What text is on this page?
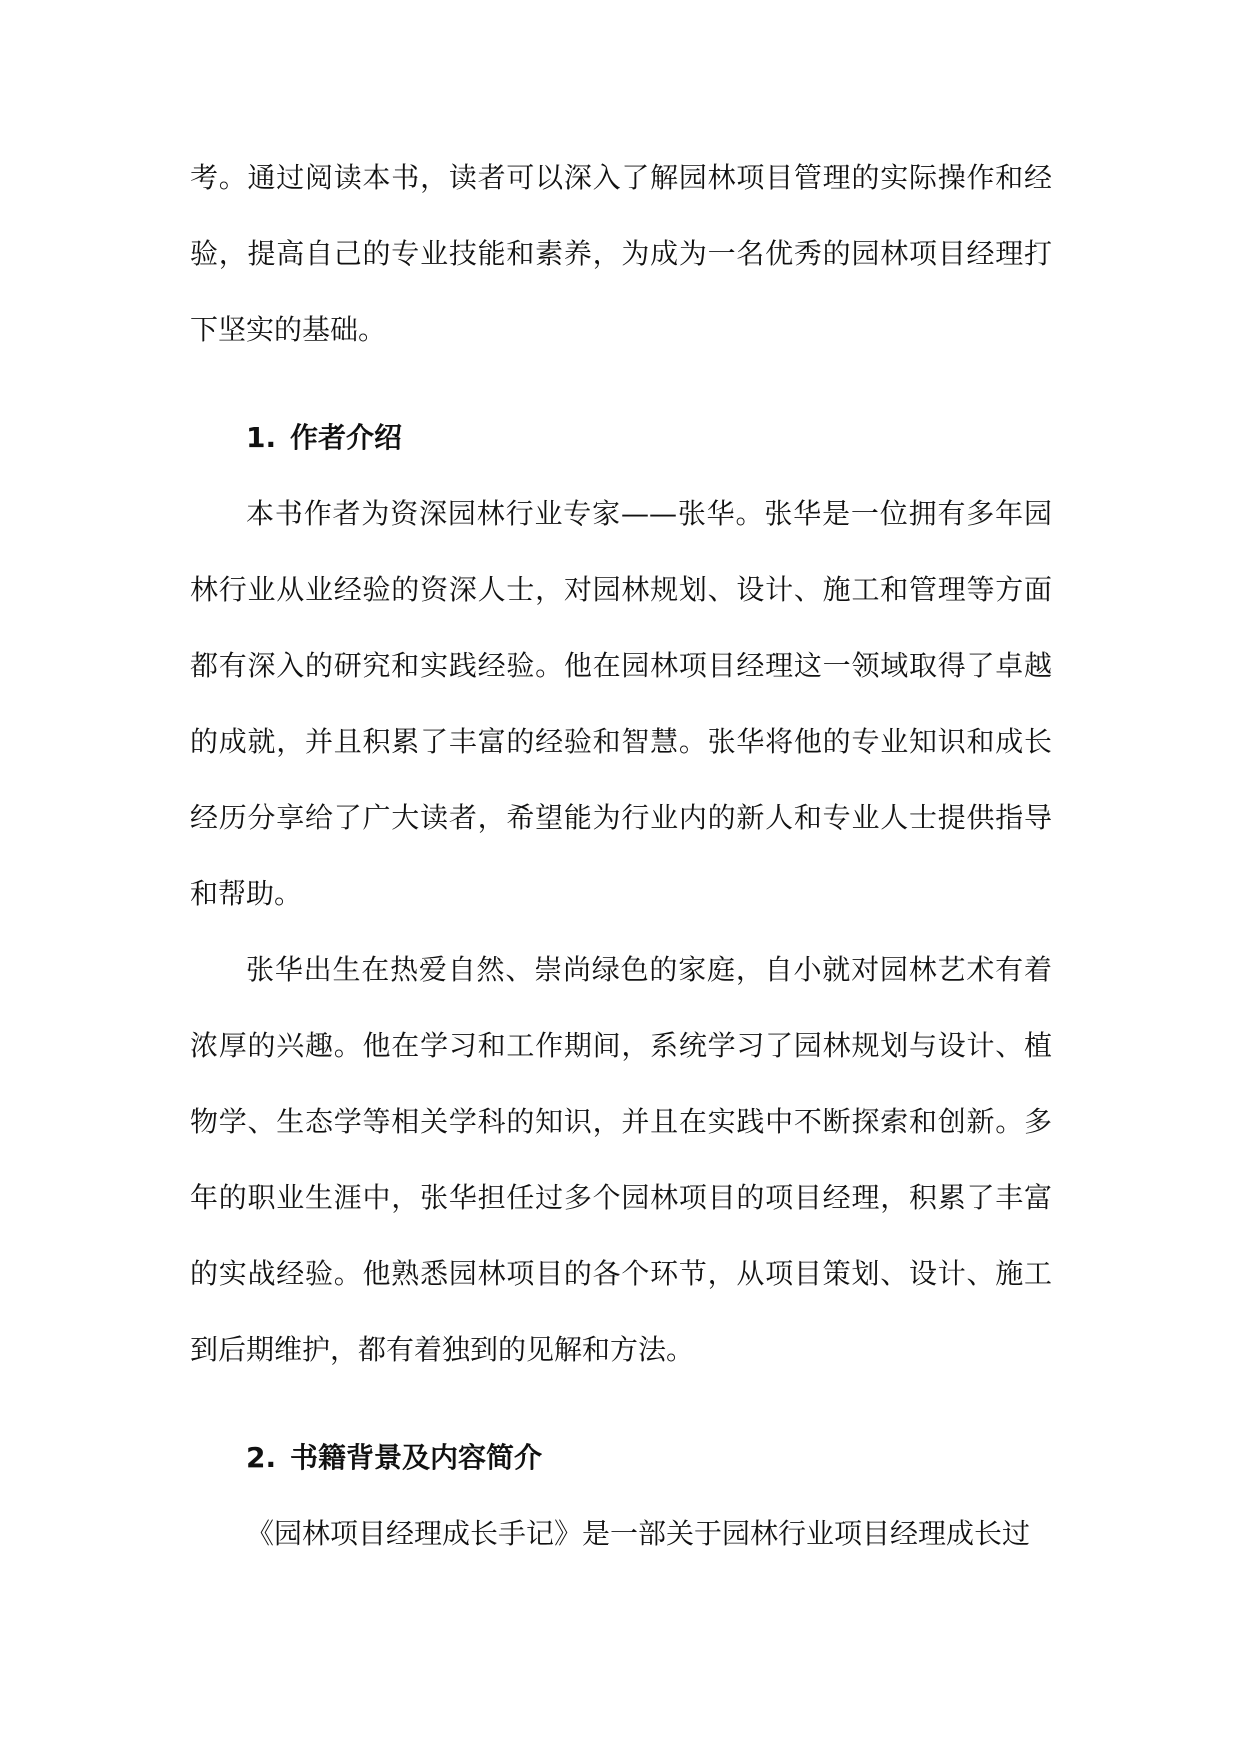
考。通过阅读本书，读者可以深入了解园林项目管理的实际操作和经验，提高自己的专业技能和素养，为成为一名优秀的园林项目经理打下坚实的基础。

1. 作者介绍

本书作者为资深园林行业专家——张华。张华是一位拥有多年园林行业从业经验的资深人士，对园林规划、设计、施工和管理等方面都有深入的研究和实践经验。他在园林项目经理这一领域取得了卓越的成就，并且积累了丰富的经验和智慧。张华将他的专业知识和成长经历分享给了广大读者，希望能为行业内的新人和专业人士提供指导和帮助。

张华出生在热爱自然、崇尚绿色的家庭，自小就对园林艺术有着浓厚的兴趣。他在学习和工作期间，系统学习了园林规划与设计、植物学、生态学等相关学科的知识，并且在实践中不断探索和创新。多年的职业生涯中，张华担任过多个园林项目的项目经理，积累了丰富的实战经验。他熟悉园林项目的各个环节，从项目策划、设计、施工到后期维护，都有着独到的见解和方法。

2. 书籍背景及内容简介

《园林项目经理成长手记》是一部关于园林行业项目经理成长过
